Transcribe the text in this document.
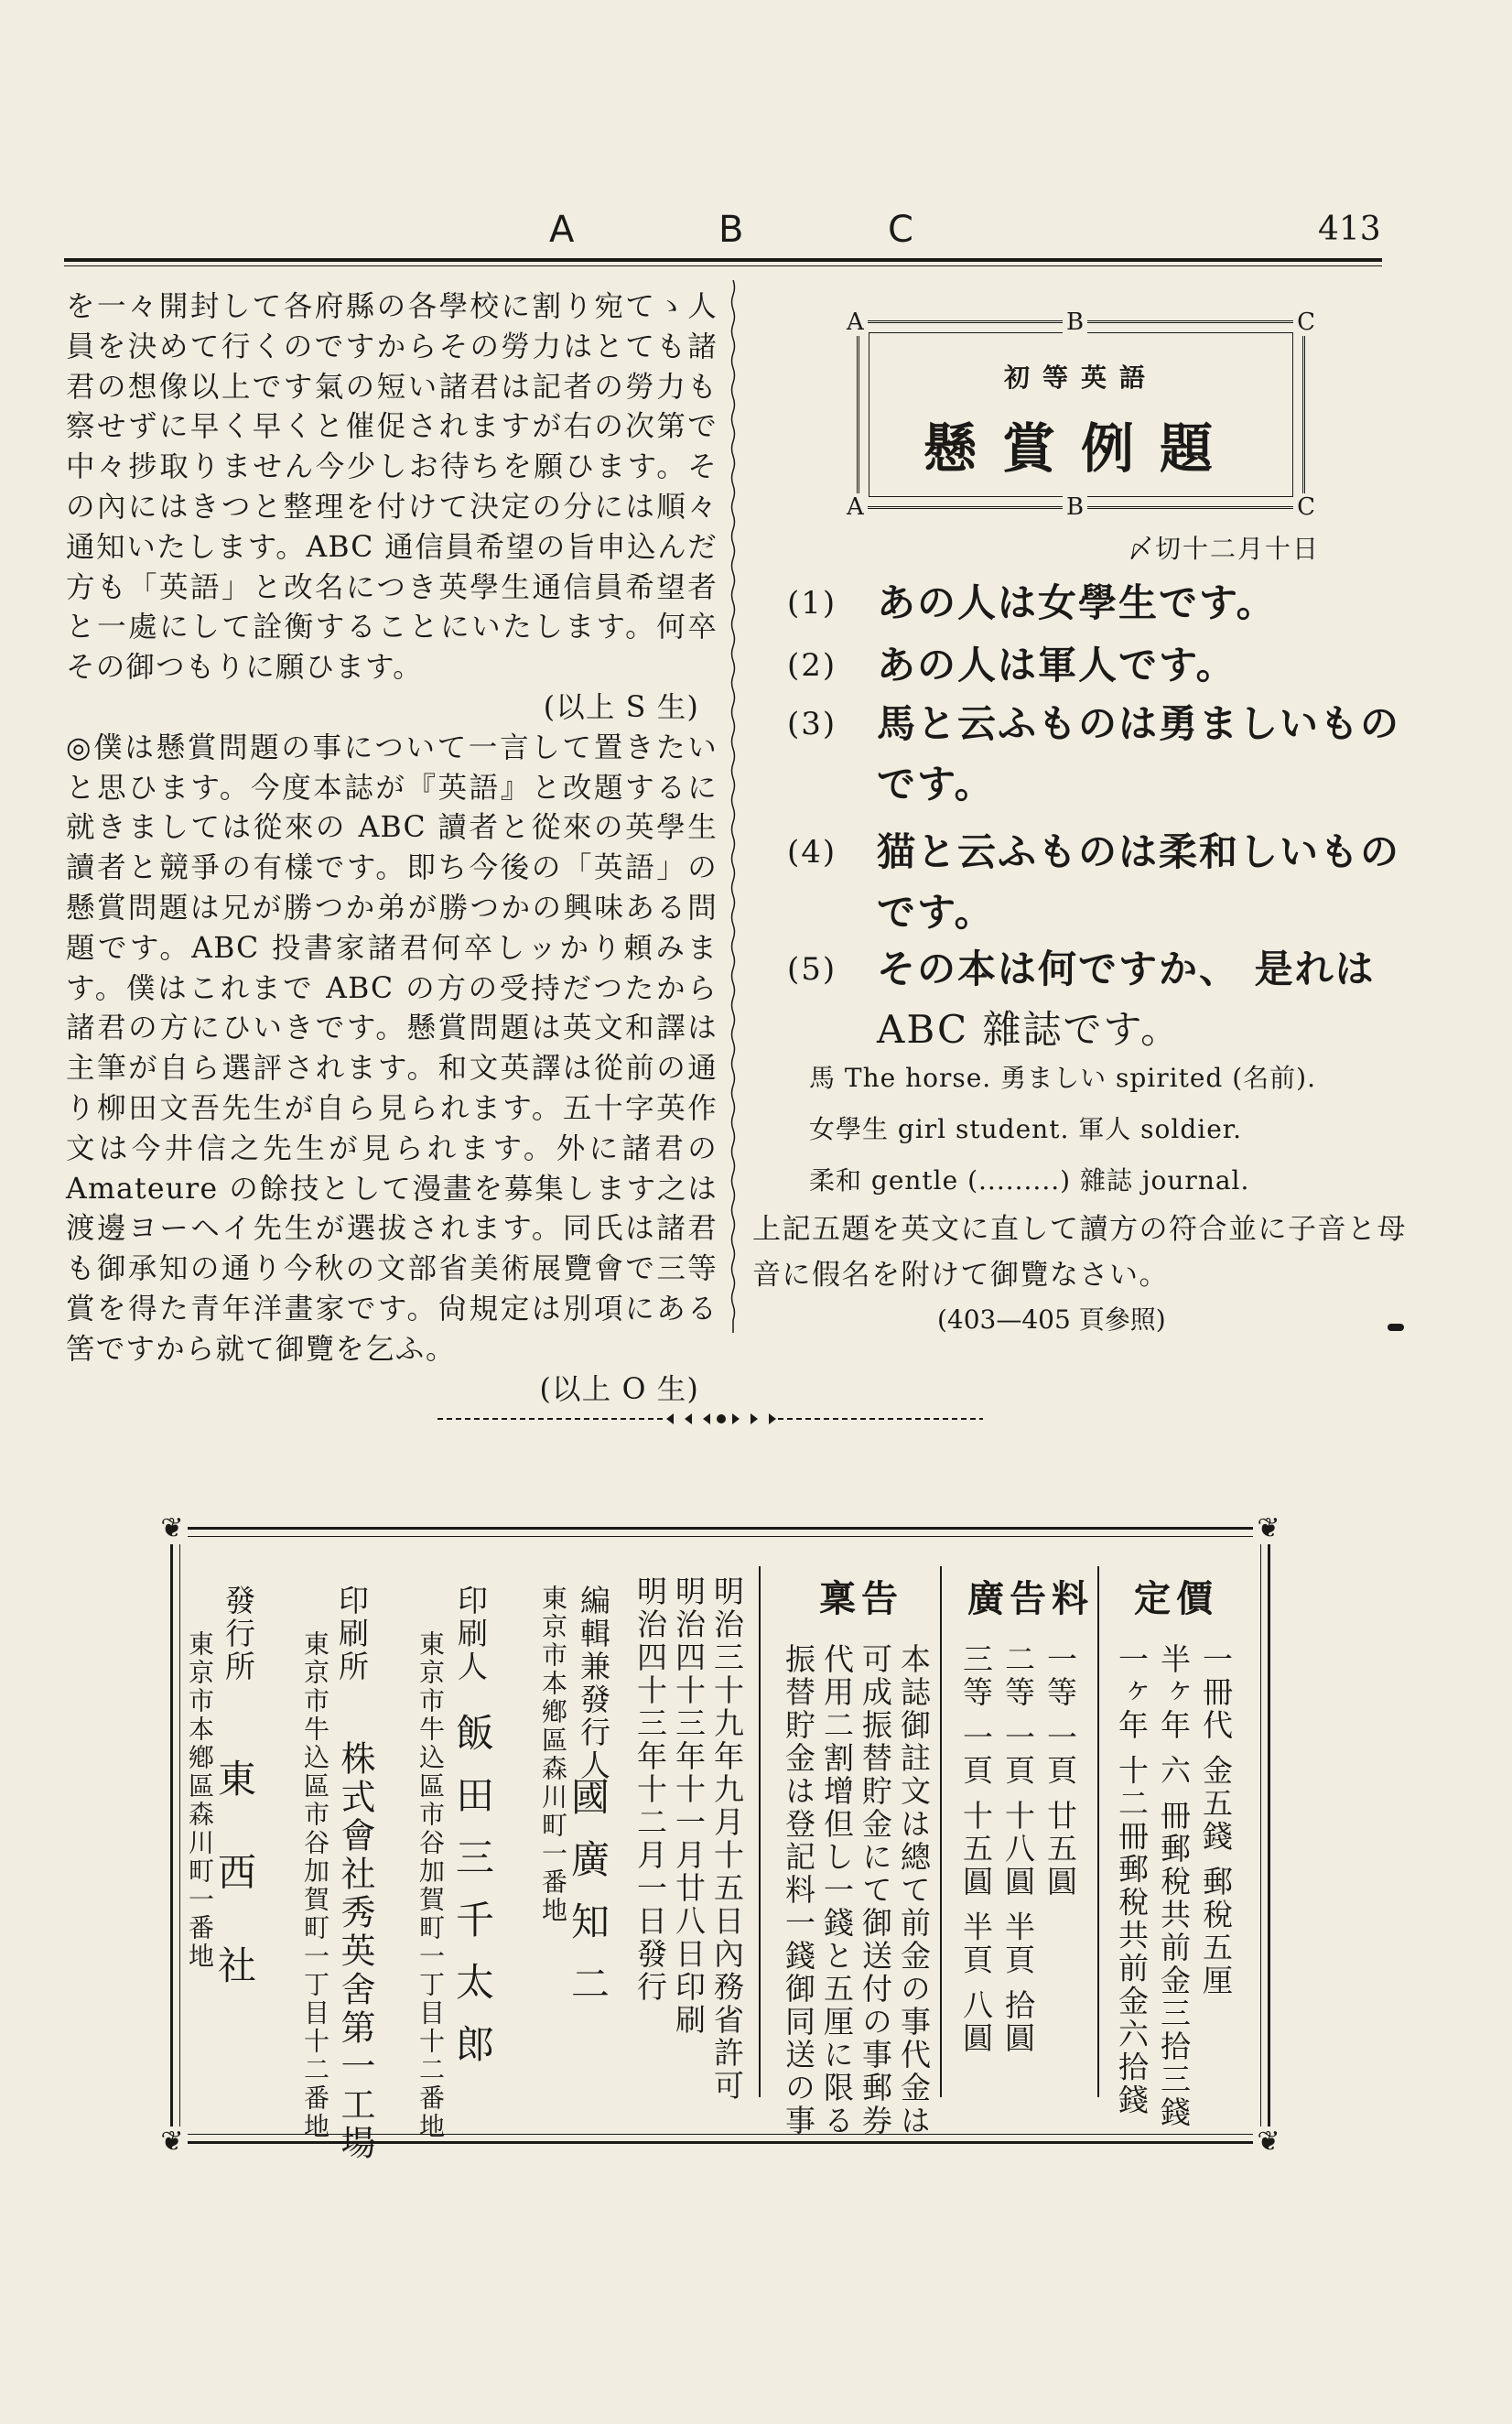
A	B	C	413

を一々開封して各府縣の各學校に割り宛てゝ人員を決めて行くのですからその勞力はとても諸君の想像以上です氣の短い諸君は記者の勞力も察せずに早く早くと催促されますが右の次第で中々捗取りません今少しお待ちを願ひます。その內にはきつと整理を付けて決定の分には順々通知いたします。ABC 通信員希望の旨申込んだ方も「英語」と改名につき英學生通信員希望者と一處にして詮衡することにいたします。何卒その御つもりに願ひます。
(以上 S 生)

◎僕は懸賞問題の事について一言して置きたいと思ひます。今度本誌が『英語』と改題するに就きましては從來の ABC 讀者と從來の英學生讀者と競爭の有樣です。即ち今後の「英語」の懸賞問題は兄が勝つか弟が勝つかの興味ある問題です。ABC 投書家諸君何卒しッかり頼みます。僕はこれまで ABC の方の受持だつたから諸君の方にひいきです。懸賞問題は英文和譯は主筆が自ら選評されます。和文英譯は從前の通り柳田文吾先生が自ら見られます。五十字英作文は今井信之先生が見られます。外に諸君の Amateure の餘技として漫畫を募集します之は渡邊ヨーヘイ先生が選拔されます。同氏は諸君も御承知の通り今秋の文部省美術展覽會で三等賞を得た青年洋畫家です。尙規定は別項にある筈ですから就て御覽を乞ふ。
(以上 O 生)

A	B	C
A	B	C
初等英語
懸賞例題
〆切十二月十日
(1)	あの人は女學生です。
(2)	あの人は軍人です。
(3)	馬と云ふものは勇ましいもの
です。
(4)	猫と云ふものは柔和しいもの
です。
(5)	その本は何ですか、 是れは
ABC 雜誌です。
馬 The horse. 勇ましい spirited (名前).
女學生 girl student. 軍人 soldier.
柔和 gentle (.........) 雜誌 journal.
上記五題を英文に直して讀方の符合並に子音と母音に假名を附けて御覽なさい。
(403—405 頁參照)
❦	❦
❦	❦
定價
一冊代 金五錢 郵稅五厘
半ヶ年 六 冊郵稅共前金三拾三錢
一ヶ年 十二冊郵稅共前金六拾錢
廣告料
一等 一頁 廿五圓
二等 一頁 十八圓 半頁 拾圓
三等 一頁 十五圓 半頁 八圓
稟告
本誌御註文は總て前金の事代金は
可成振替貯金にて御送付の事郵券
代用二割增但し一錢と五厘に限る
振替貯金は登記料一錢御同送の事
明治三十九年九月十五日內務省許可
明治四十三年十一月廿八日印刷
明治四十三年十二月一日發行
編輯兼發行人
東京市本鄕區森川町一番地
國廣知二
印刷人
東京市牛込區市谷加賀町一丁目十二番地 飯田三千太郎
印刷所
東京市牛込區市谷加賀町一丁目十二番地 株式會社秀英舍第一工場
發行所
東京市本鄕區森川町一番地
東西社
